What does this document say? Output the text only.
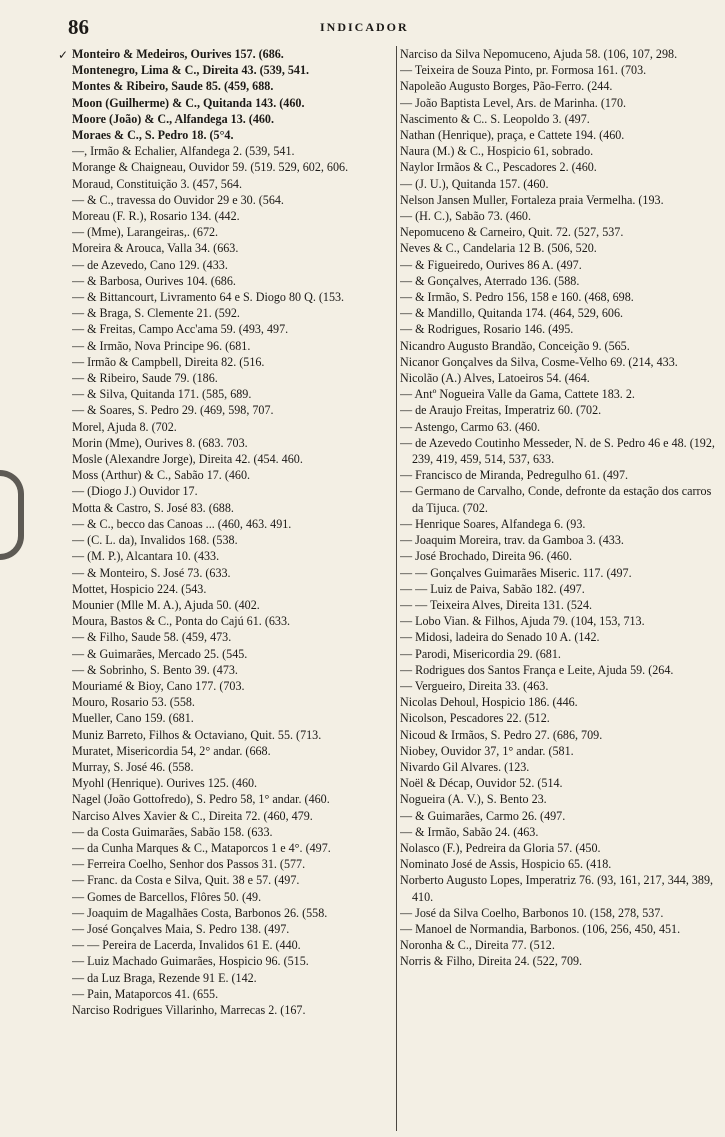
86	INDICADOR
✓ Monteiro & Medeiros, Ourives 157. (686.

Montenegro, Lima & C., Direita 43. (539, 541.

Montes & Ribeiro, Saude 85. (459, 688.

Moon (Guilherme) & C., Quitanda 143. (460.

Moore (João) & C., Alfandega 13. (460.

Moraes & C., S. Pedro 18. (5°4.

—, Irmão & Echalier, Alfandega 2. (539, 541.

Morange & Chaigneau, Ouvidor 59. (519. 529, 602, 606.

Moraud, Constituição 3. (457, 564.

— & C., travessa do Ouvidor 29 e 30. (564.

Moreau (F. R.), Rosario 134. (442.

— (Mme), Larangeiras,. (672.

Moreira & Arouca, Valla 34. (663.

— de Azevedo, Cano 129. (433.

— & Barbosa, Ourives 104. (686.

— & Bittancourt, Livramento 64 e S. Diogo 80 Q. (153.

— & Braga, S. Clemente 21. (592.

— & Freitas, Campo Acc'ama 59. (493, 497.

— & Irmão, Nova Principe 96. (681.

— Irmão & Campbell, Direita 82. (516.

— & Ribeiro, Saude 79. (186.

— & Silva, Quitanda 171. (585, 689.

— & Soares, S. Pedro 29. (469, 598, 707.

Morel, Ajuda 8. (702.

Morin (Mme), Ourives 8. (683. 703.

Mosle (Alexandre Jorge), Direita 42. (454. 460.

Moss (Arthur) & C., Sabão 17. (460.

— (Diogo J.) Ouvidor 17.

Motta & Castro, S. José 83. (688.

— & C., becco das Canoas ... (460, 463. 491.

— (C. L. da), Invalidos 168. (538.

— (M. P.), Alcantara 10. (433.

— & Monteiro, S. José 73. (633.

Mottet, Hospicio 224. (543.

Mounier (Mlle M. A.), Ajuda 50. (402.

Moura, Bastos & C., Ponta do Cajú 61. (633.

— & Filho, Saude 58. (459, 473.

— & Guimarães, Mercado 25. (545.

— & Sobrinho, S. Bento 39. (473.

Mouriamé & Bioy, Cano 177. (703.

Mouro, Rosario 53. (558.

Mueller, Cano 159. (681.

Muniz Barreto, Filhos & Octaviano, Quit. 55. (713.

Muratet, Misericordia 54, 2° andar. (668.

Murray, S. José 46. (558.

Myohl (Henrique). Ourives 125. (460.

Nagel (João Gottofredo), S. Pedro 58, 1° andar. (460.

Narciso Alves Xavier & C., Direita 72. (460, 479.

— da Costa Guimarães, Sabão 158. (633.

— da Cunha Marques & C., Mataporcos 1 e 4°. (497.

— Ferreira Coelho, Senhor dos Passos 31. (577.

— Franc. da Costa e Silva, Quit. 38 e 57. (497.

— Gomes de Barcellos, Flôres 50. (49.

— Joaquim de Magalhães Costa, Barbonos 26. (558.

— José Gonçalves Maia, S. Pedro 138. (497.

— — Pereira de Lacerda, Invalidos 61 E. (440.

— Luiz Machado Guimarães, Hospicio 96. (515.

— da Luz Braga, Rezende 91 E. (142.

— Pain, Mataporcos 41. (655.

Narciso Rodrigues Villarinho, Marrecas 2. (167.

Narciso da Silva Nepomuceno, Ajuda 58. (106, 107, 298.

— Teixeira de Souza Pinto, pr. Formosa 161. (703.

Napoleão Augusto Borges, Pão-Ferro. (244.

— João Baptista Level, Ars. de Marinha. (170.

Nascimento & C.. S. Leopoldo 3. (497.

Nathan (Henrique), praça, e Cattete 194. (460.

Naura (M.) & C., Hospicio 61, sobrado.

Naylor Irmãos & C., Pescadores 2. (460.

— (J. U.), Quitanda 157. (460.

Nelson Jansen Muller, Fortaleza praia Vermelha. (193.

— (H. C.), Sabão 73. (460.

Nepomuceno & Carneiro, Quit. 72. (527, 537.

Neves & C., Candelaria 12 B. (506, 520.

— & Figueiredo, Ourives 86 A. (497.

— & Gonçalves, Aterrado 136. (588.

— & Irmão, S. Pedro 156, 158 e 160. (468, 698.

— & Mandillo, Quitanda 174. (464, 529, 606.

— & Rodrigues, Rosario 146. (495.

Nicandro Augusto Brandão, Conceição 9. (565.

Nicanor Gonçalves da Silva, Cosme-Velho 69. (214, 433.

Nicolão (A.) Alves, Latoeiros 54. (464.

— Antº Nogueira Valle da Gama, Cattete 183. 2.

— de Araujo Freitas, Imperatriz 60. (702.

— Astengo, Carmo 63. (460.

— de Azevedo Coutinho Messeder, N. de S. Pedro 46 e 48. (192, 239, 419, 459, 514, 537, 633.

— Francisco de Miranda, Pedregulho 61. (497.

— Germano de Carvalho, Conde, defronte da estação dos carros da Tijuca. (702.

— Henrique Soares, Alfandega 6. (93.

— Joaquim Moreira, trav. da Gamboa 3. (433.

— José Brochado, Direita 96. (460.

— — Gonçalves Guimarães Miseric. 117. (497.

— — Luiz de Paiva, Sabão 182. (497.

— — Teixeira Alves, Direita 131. (524.

— Lobo Vian. & Filhos, Ajuda 79. (104, 153, 713.

— Midosi, ladeira do Senado 10 A. (142.

— Parodi, Misericordia 29. (681.

— Rodrigues dos Santos França e Leite, Ajuda 59. (264.

— Vergueiro, Direita 33. (463.

Nicolas Dehoul, Hospicio 186. (446.

Nicolson, Pescadores 22. (512.

Nicoud & Irmãos, S. Pedro 27. (686, 709.

Niobey, Ouvidor 37, 1° andar. (581.

Nivardo Gil Alvares. (123.

Noël & Décap, Ouvidor 52. (514.

Nogueira (A. V.), S. Bento 23.

— & Guimarães, Carmo 26. (497.

— & Irmão, Sabão 24. (463.

Nolasco (F.), Pedreira da Gloria 57. (450.

Nominato José de Assis, Hospicio 65. (418.

Norberto Augusto Lopes, Imperatriz 76. (93, 161, 217, 344, 389, 410.

— José da Silva Coelho, Barbonos 10. (158, 278, 537.

— Manoel de Normandia, Barbonos. (106, 256, 450, 451.

Noronha & C., Direita 77. (512.

Norris & Filho, Direita 24. (522, 709.
